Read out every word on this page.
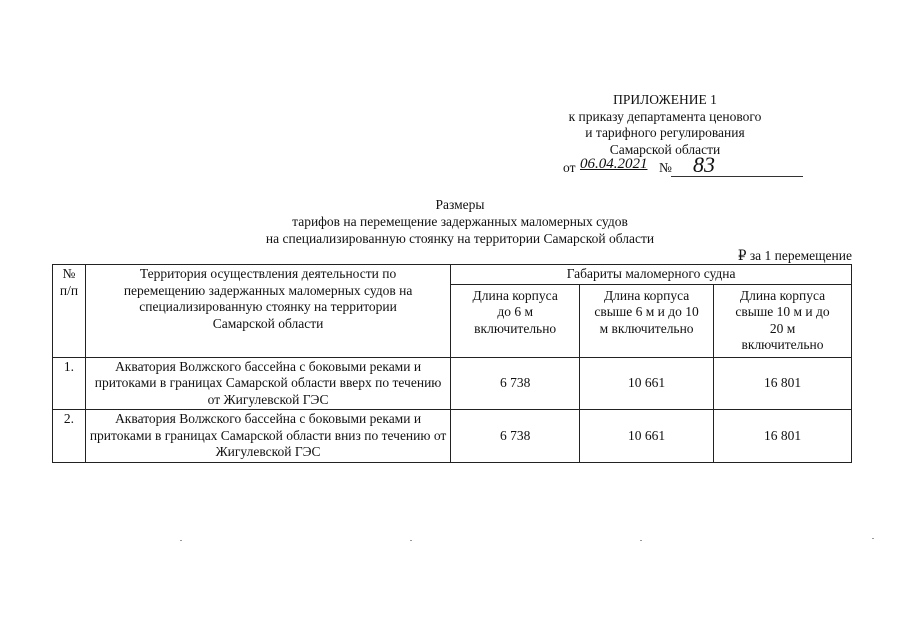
ПРИЛОЖЕНИЕ 1
к приказу департамента ценового
и тарифного регулирования
Самарской области
от 06.04.2021 № 83
Размеры
тарифов на перемещение задержанных маломерных судов
на специализированную стоянку на территории Самарской области
₽ за 1 перемещение
№ п/п	Территория осуществления деятельности по перемещению задержанных маломерных судов на специализированную стоянку на территории Самарской области	Габариты маломерного судна		
		Длина корпуса до 6 м включительно	Длина корпуса свыше 6 м и до 10 м включительно	Длина корпуса свыше 10 м и до 20 м включительно
1.	Акватория Волжского бассейна с боковыми реками и притоками в границах Самарской области вверх по течению от Жигулевской ГЭС	6 738	10 661	16 801
2.	Акватория Волжского бассейна с боковыми реками и притоками в границах Самарской области вниз по течению от Жигулевской ГЭС	6 738	10 661	16 801
